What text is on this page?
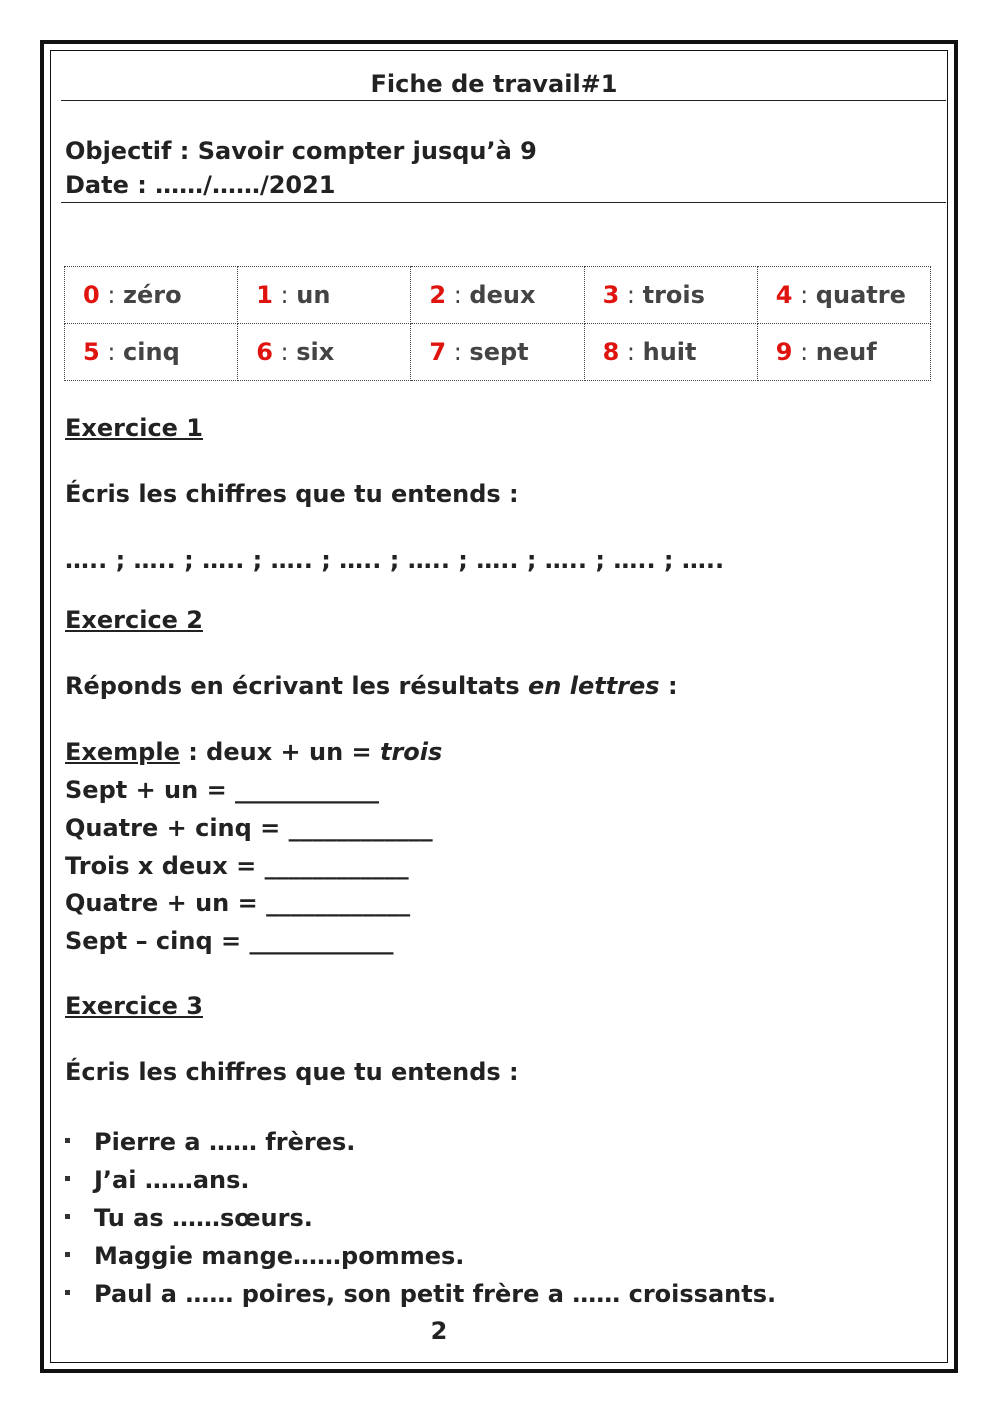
Fiche de travail#1
Objectif : Savoir compter jusqu’à 9
Date : ……/……/2021
0 : zéro	1 : un	2 : deux	3 : trois	4 : quatre
5 : cinq	6 : six	7 : sept	8 : huit	9 : neuf
Exercice 1
Écris les chiffres que tu entends :
….. ; ….. ; ….. ; ….. ; ….. ; ….. ; ….. ; ….. ; ….. ; …..
Exercice 2
Réponds en écrivant les résultats en lettres :
Exemple : deux + un = trois
Sept + un = ____________
Quatre + cinq = ____________
Trois x deux = ____________
Quatre + un = ____________
Sept – cinq = ____________
Exercice 3
Écris les chiffres que tu entends :
Pierre a …… frères.
J’ai ……ans.
Tu as ……sœurs.
Maggie mange……pommes.
Paul a …… poires, son petit frère a …… croissants.
2
